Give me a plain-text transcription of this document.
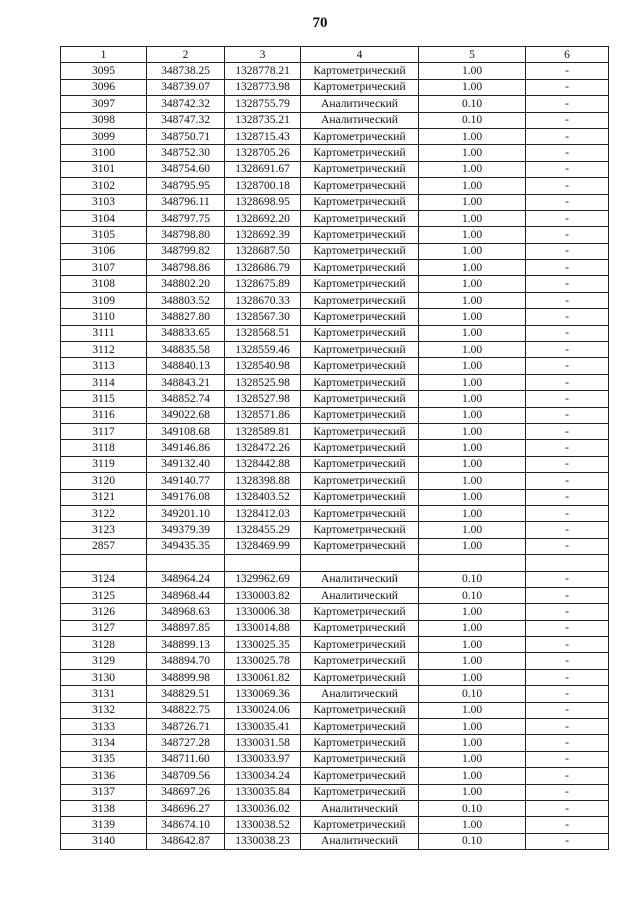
70
1	2	3	4	5	6
3095	348738.25	1328778.21	Картометрический	1.00	-
3096	348739.07	1328773.98	Картометрический	1.00	-
3097	348742.32	1328755.79	Аналитический	0.10	-
3098	348747.32	1328735.21	Аналитический	0.10	-
3099	348750.71	1328715.43	Картометрический	1.00	-
3100	348752.30	1328705.26	Картометрический	1.00	-
3101	348754.60	1328691.67	Картометрический	1.00	-
3102	348795.95	1328700.18	Картометрический	1.00	-
3103	348796.11	1328698.95	Картометрический	1.00	-
3104	348797.75	1328692.20	Картометрический	1.00	-
3105	348798.80	1328692.39	Картометрический	1.00	-
3106	348799.82	1328687.50	Картометрический	1.00	-
3107	348798.86	1328686.79	Картометрический	1.00	-
3108	348802.20	1328675.89	Картометрический	1.00	-
3109	348803.52	1328670.33	Картометрический	1.00	-
3110	348827.80	1328567.30	Картометрический	1.00	-
3111	348833.65	1328568.51	Картометрический	1.00	-
3112	348835.58	1328559.46	Картометрический	1.00	-
3113	348840.13	1328540.98	Картометрический	1.00	-
3114	348843.21	1328525.98	Картометрический	1.00	-
3115	348852.74	1328527.98	Картометрический	1.00	-
3116	349022.68	1328571.86	Картометрический	1.00	-
3117	349108.68	1328589.81	Картометрический	1.00	-
3118	349146.86	1328472.26	Картометрический	1.00	-
3119	349132.40	1328442.88	Картометрический	1.00	-
3120	349140.77	1328398.88	Картометрический	1.00	-
3121	349176.08	1328403.52	Картометрический	1.00	-
3122	349201.10	1328412.03	Картометрический	1.00	-
3123	349379.39	1328455.29	Картометрический	1.00	-
2857	349435.35	1328469.99	Картометрический	1.00	-

3124	348964.24	1329962.69	Аналитический	0.10	-
3125	348968.44	1330003.82	Аналитический	0.10	-
3126	348968.63	1330006.38	Картометрический	1.00	-
3127	348897.85	1330014.88	Картометрический	1.00	-
3128	348899.13	1330025.35	Картометрический	1.00	-
3129	348894.70	1330025.78	Картометрический	1.00	-
3130	348899.98	1330061.82	Картометрический	1.00	-
3131	348829.51	1330069.36	Аналитический	0.10	-
3132	348822.75	1330024.06	Картометрический	1.00	-
3133	348726.71	1330035.41	Картометрический	1.00	-
3134	348727.28	1330031.58	Картометрический	1.00	-
3135	348711.60	1330033.97	Картометрический	1.00	-
3136	348709.56	1330034.24	Картометрический	1.00	-
3137	348697.26	1330035.84	Картометрический	1.00	-
3138	348696.27	1330036.02	Аналитический	0.10	-
3139	348674.10	1330038.52	Картометрический	1.00	-
3140	348642.87	1330038.23	Аналитический	0.10	-
